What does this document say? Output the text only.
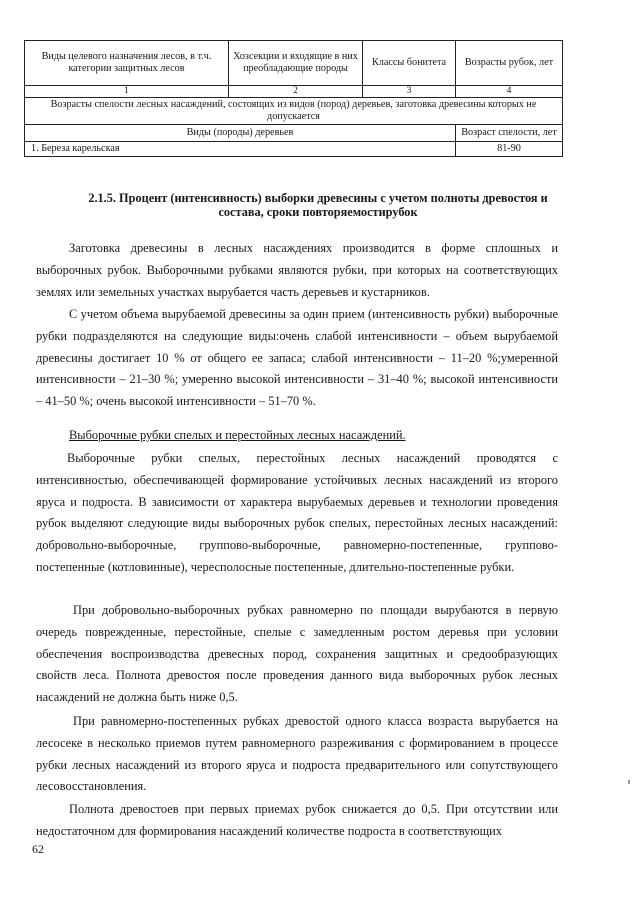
Виды целевого назначения лесов, в т.ч. категории защитных лесов	Хозсекции и входящие в них преобладающие породы	Классы бонитета	Возрасты рубок, лет
1	2	3	4
Возрасты спелости лесных насаждений, состоящих из видов (пород) деревьев, заготовка древесины которых не допускается			
Виды (породы) деревьев			Возраст спелости, лет
1. Береза карельская			81-90
2.1.5. Процент (интенсивность) выборки древесины с учетом полноты древостоя и состава, сроки повторяемостирубок

Заготовка древесины в лесных насаждениях производится в форме сплошных и выборочных рубок. Выборочными рубками являются рубки, при которых на соответствующих землях или земельных участках вырубается часть деревьев и кустарников.

С учетом объема вырубаемой древесины за один прием (интенсивность рубки) выборочные рубки подразделяются на следующие виды:очень слабой интенсивности – объем вырубаемой древесины достигает 10 % от общего ее запаса; слабой интенсивности – 11–20 %;умеренной интенсивности – 21–30 %; умеренно высокой интенсивности – 31–40 %; высокой интенсивности – 41–50 %; очень высокой интенсивности – 51–70 %.

Выборочные рубки спелых и перестойных лесных насаждений.

Выборочные рубки спелых, перестойных лесных насаждений проводятся с интенсивностью, обеспечивающей формирование устойчивых лесных насаждений из второго яруса и подроста. В зависимости от характера вырубаемых деревьев и технологии проведения рубок выделяют следующие виды выборочных рубок спелых, перестойных лесных насаждений: добровольно-выборочные, группово-выборочные, равномерно-постепенные, группово-постепенные (котловинные), чересполосные постепенные, длительно-постепенные рубки.

При добровольно-выборочных рубках равномерно по площади вырубаются в первую очередь поврежденные, перестойные, спелые с замедленным ростом деревья при условии обеспечения воспроизводства древесных пород, сохранения защитных и средообразующих свойств леса. Полнота древостоя после проведения данного вида выборочных рубок лесных насаждений не должна быть ниже 0,5.

При равномерно-постепенных рубках древостой одного класса возраста вырубается на лесосеке в несколько приемов путем равномерного разреживания с формированием в процессе рубки лесных насаждений из второго яруса и подроста предварительного или сопутствующего лесовосстановления.

Полнота древостоев при первых приемах рубок снижается до 0,5. При отсутствии или недостаточном для формирования насаждений количестве подроста в соответствующих

62
